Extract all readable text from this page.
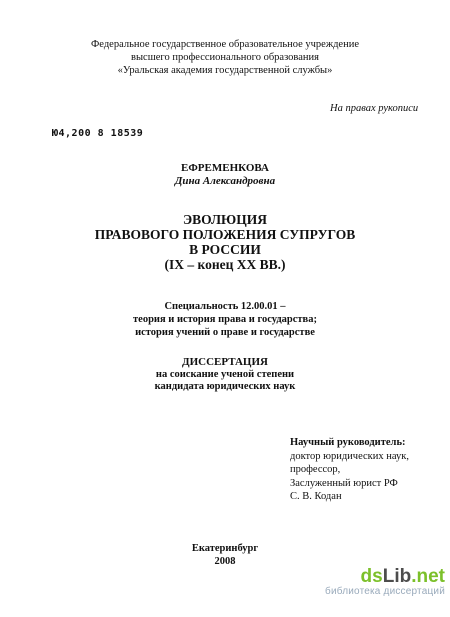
Федеральное государственное образовательное учреждение
высшего профессионального образования
«Уральская академия государственной службы»
На правах рукописи
Ю4,200 8 18539
ЕФРЕМЕНКОВА
Дина Александровна
ЭВОЛЮЦИЯ
ПРАВОВОГО ПОЛОЖЕНИЯ СУПРУГОВ
В РОССИИ
(IX – конец XX ВВ.)
Специальность 12.00.01 –
теория и история права и государства;
история учений о праве и государстве
ДИССЕРТАЦИЯ
на соискание ученой степени
кандидата юридических наук
Научный руководитель:
доктор юридических наук,
профессор,
Заслуженный юрист РФ
С. В. Кодан
Екатеринбург
2008
dsLib.net
библиотека диссертаций
